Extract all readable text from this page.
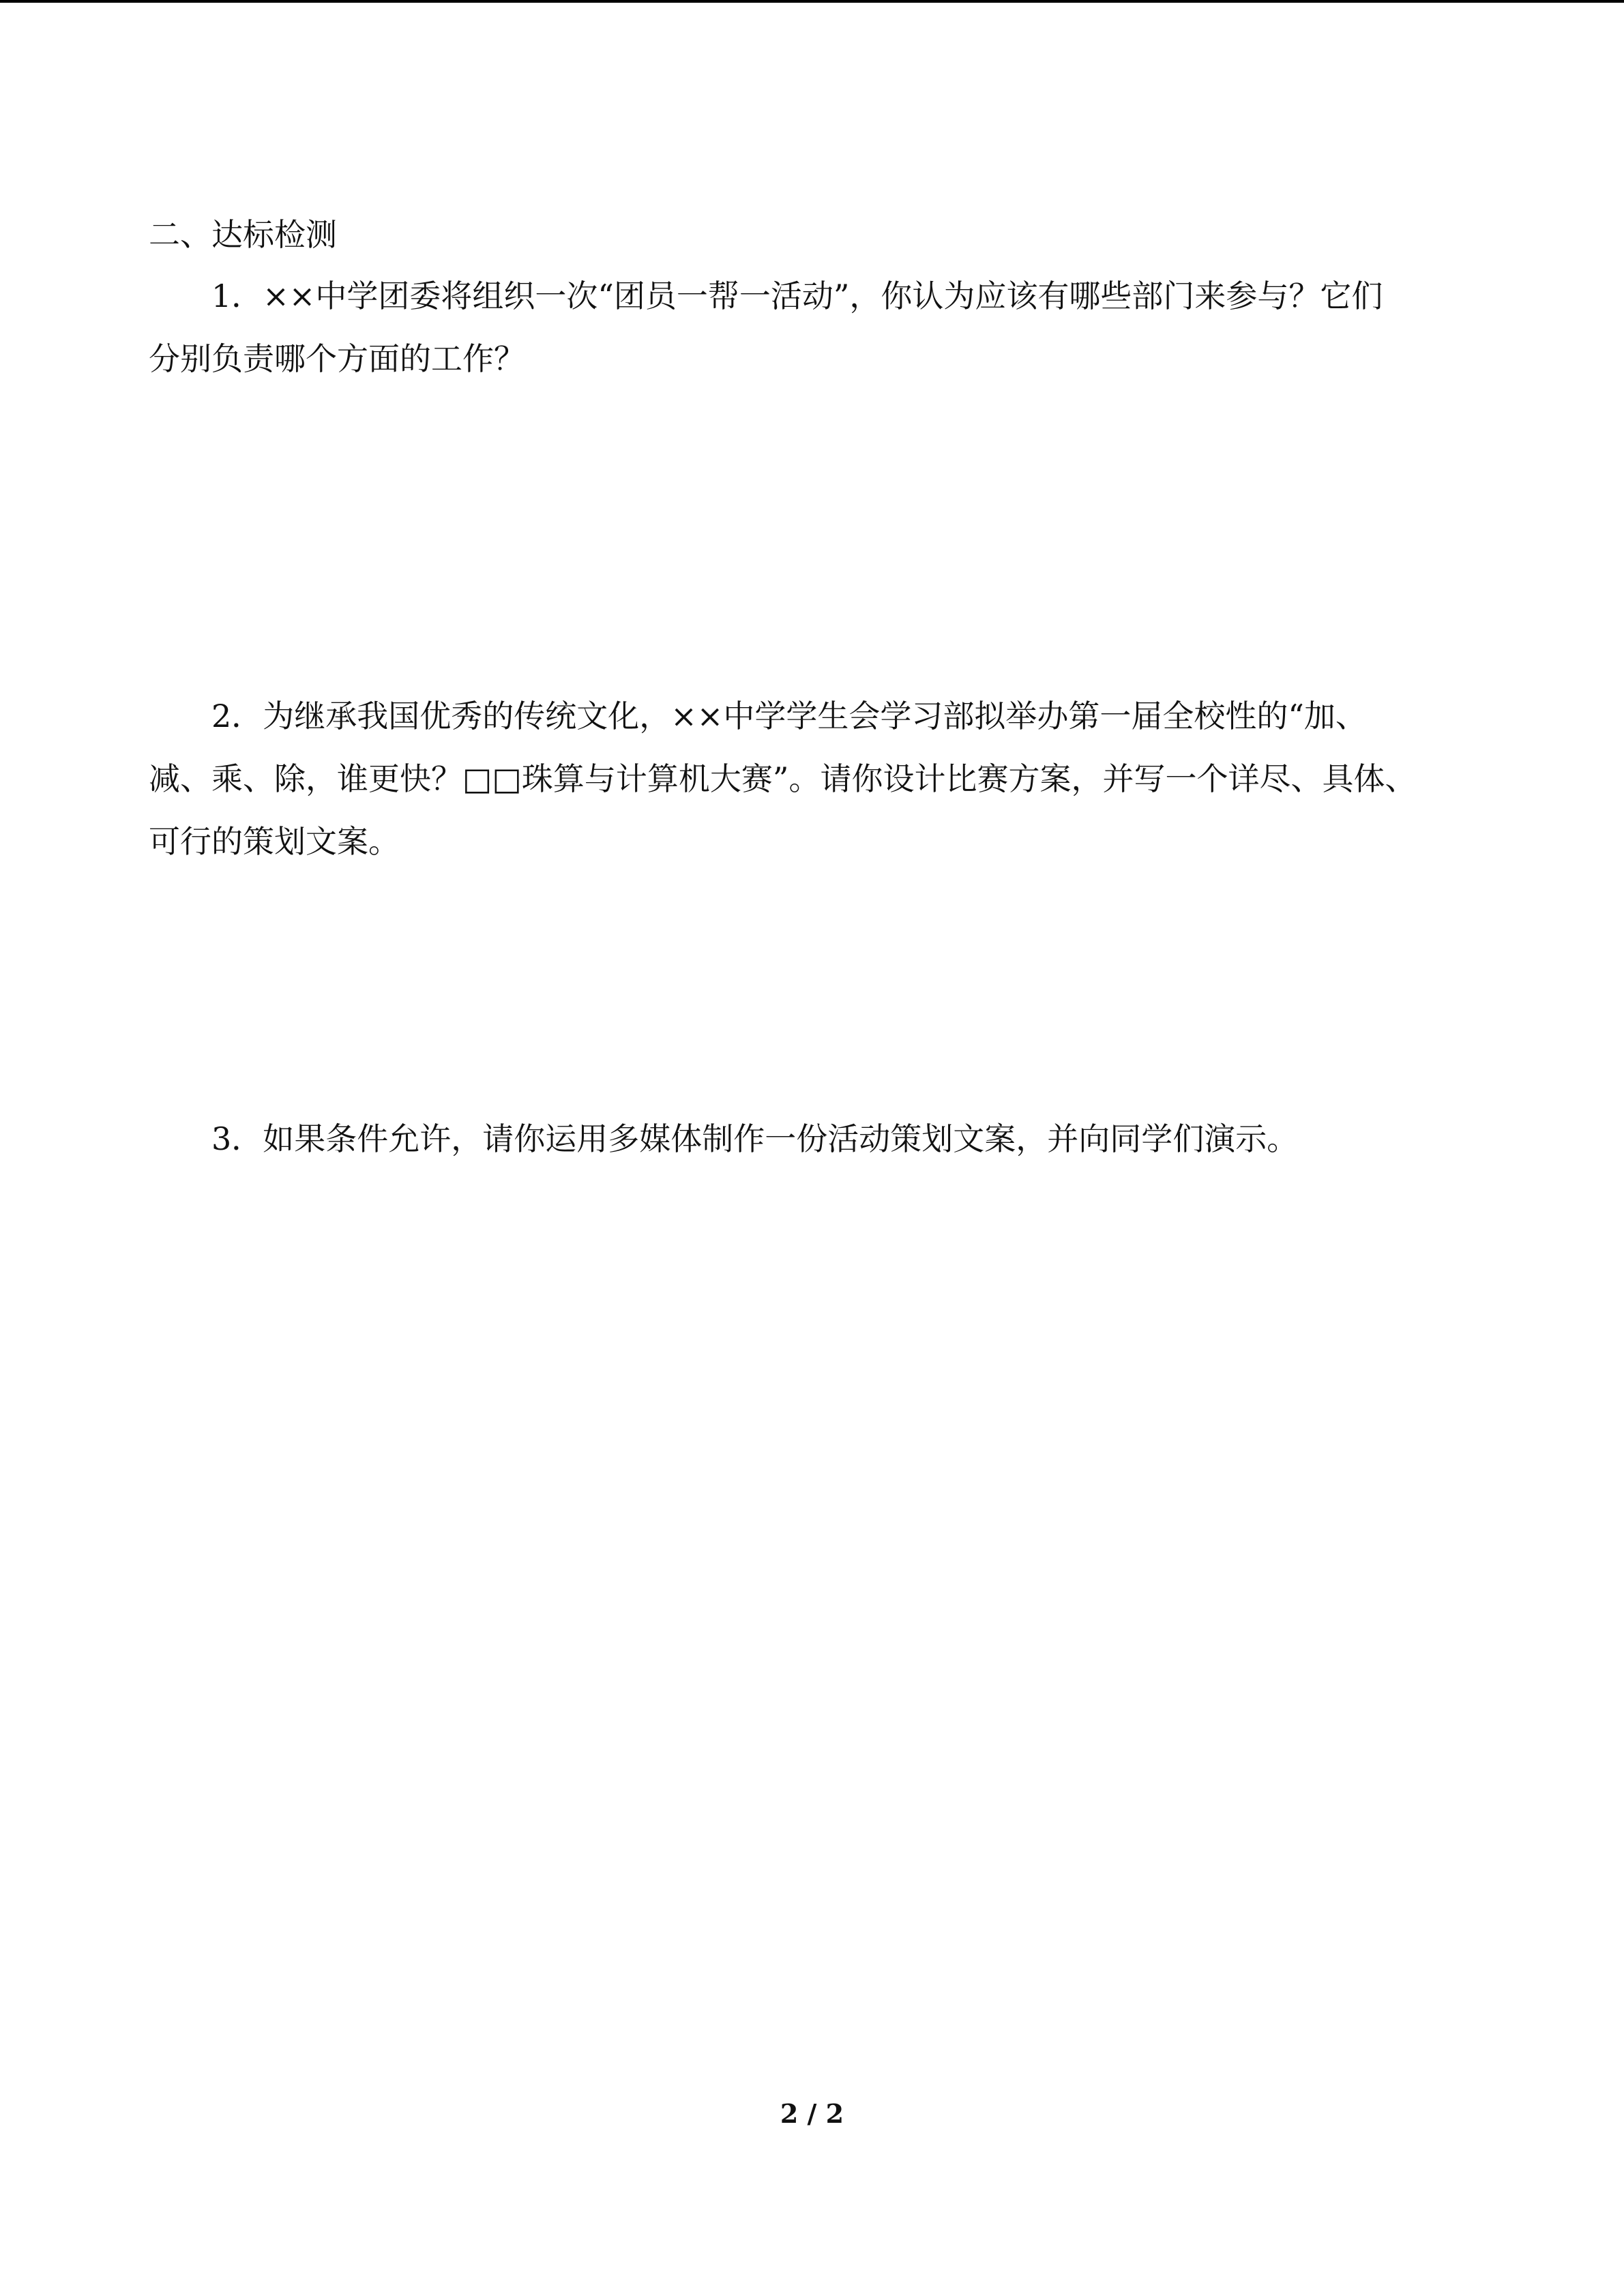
二、达标检测
1．××中学团委将组织一次“团员一帮一活动”，你认为应该有哪些部门来参与？它们
分别负责哪个方面的工作？
2．为继承我国优秀的传统文化，××中学学生会学习部拟举办第一届全校性的“加、
减、乘、除，谁更快？□□珠算与计算机大赛”。请你设计比赛方案，并写一个详尽、具体、
可行的策划文案。
3．如果条件允许，请你运用多媒体制作一份活动策划文案，并向同学们演示。
2 / 2
